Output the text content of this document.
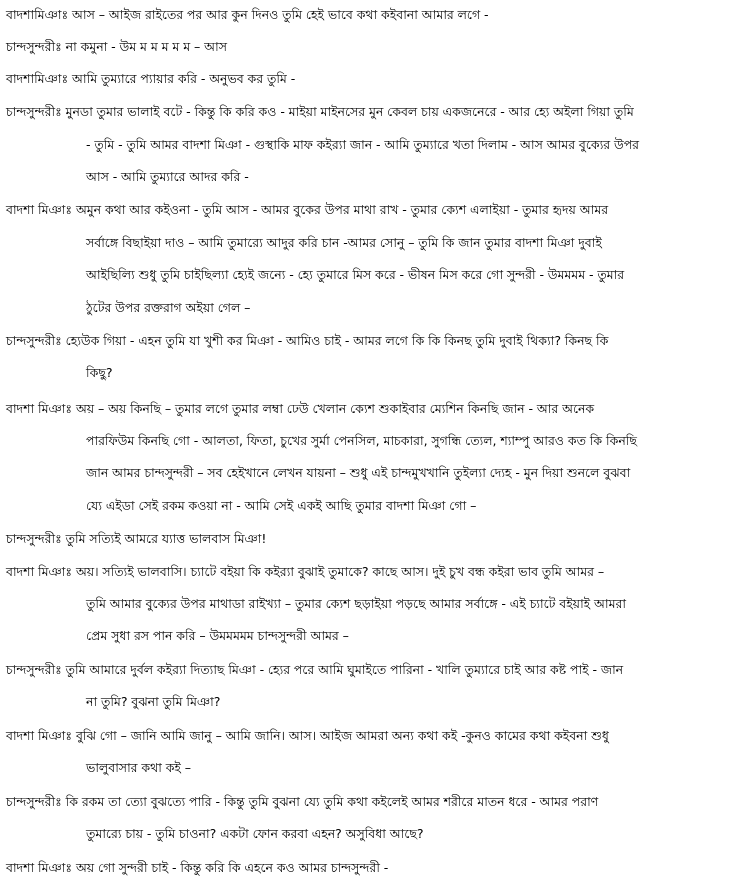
বাদশামিঞাঃ আস – আইজ রাইতের পর আর কুন দিনও তুমি হেই ভাবে কথা কইবানা আমার লগে -
চান্দসুন্দরীঃ না কমুনা - উম ম ম ম ম ম – আস
বাদশামিঞাঃ আমি তুম্যারে প্যায়ার করি - অনুভব কর তুমি -
চান্দসুন্দরীঃ মুনডা তুমার ভালাই বটে - কিন্তু কি করি কও - মাইয়া মাইনসের মুন কেবল চায় একজনেরে - আর হ্যে অইলা গিয়া তুমি
- তুমি - তুমি আমর বাদশা মিঞা - গুস্থাকি মাফ কইর‍্যা জান - আমি তুম্যারে খতা দিলাম - আস আমর বুক্যের উপর
আস - আমি তুম্যারে আদর করি -
বাদশা মিঞাঃ অমুন কথা আর কইওনা - তুমি আস - আমর বুকের উপর মাথা রাখ - তুমার ক্যেশ এলাইয়া - তুমার হৃদয় আমর
সর্বাঙ্গে বিছাইয়া দাও – আমি তুমার‍্যে আদুর করি চান -আমর সোনু – তুমি কি জান তুমার বাদশা মিঞা দুবাই
আইছিল্যি শুধু তুমি চাইছিল্যা হ্যেই জন্যে - হ্যে তুমারে মিস করে - ভীষন মিস করে গো সুন্দরী - উমমমম - তুমার
ঠুটের উপর রক্তরাগ অইয়া গেল –
চান্দসুন্দরীঃ হ্যেউক গিয়া - এহন তুমি যা খুশী কর মিঞা - আমিও চাই - আমর লগে কি কি কিনছ তুমি দুবাই থিক্যা? কিনছ কি
কিছু?
বাদশা মিঞাঃ অয় – অয় কিনছি – তুমার লগে তুমার লম্বা ঢেউ খেলান ক্যেশ শুকাইবার ম্যেশিন কিনছি জান - আর অনেক
পারফিউম কিনছি গো - আলতা, ফিতা, চুখের সুর্মা পেনসিল, মাচকারা, সুগন্ধি ত্যেল, শ্যাম্পু আরও কত কি কিনছি
জান আমর চান্দসুন্দরী – সব হেইখানে লেখন যায়না – শুধু এই চান্দমুখখানি তুইল্যা দ্যেহ - মুন দিয়া শুনলে বুঝবা
য্যে এইডা সেই রকম কওয়া না - আমি সেই একই আছি তুমার বাদশা মিঞা গো –
চান্দসুন্দরীঃ তুমি সত্যিই আমরে য্যাত্ত ভালবাস মিঞা!
বাদশা মিঞাঃ অয়। সত্যিই ভালবাসি। চ্যাটে বইয়া কি কইর‍্যা বুঝাই তুমাকে? কাছে আস। দুই চুখ বন্ধ কইরা ভাব তুমি আমর –
তুমি আমার বুক্যের উপর মাথাডা রাইখ্যা – তুমার ক্যেশ ছড়াইয়া পড়ছে আমার সর্বাঙ্গে - এই চ্যাটে বইয়াই আমরা
প্রেম সুধা রস পান করি – উমমমমম চান্দসুন্দরী আমর –
চান্দসুন্দরীঃ তুমি আমারে দুর্বল কইর‍্যা দিত্যাছ মিঞা - হ্যের পরে আমি ঘুমাইতে পারিনা - খালি তুম্যারে চাই আর কষ্ট পাই - জান
না তুমি? বুঝনা তুমি মিঞা?
বাদশা মিঞাঃ বুঝি গো – জানি আমি জানু – আমি জানি। আস। আইজ আমরা অন্য কথা কই -কুনও কামের কথা কইবনা শুধু
ভালুবাসার কথা কই –
চান্দসুন্দরীঃ কি রকম তা ত্যো বুঝত্যে পারি - কিন্তু তুমি বুঝনা য্যে তুমি কথা কইলেই আমর শরীরে মাতন ধরে - আমর পরাণ
তুমার‍্যে চায় - তুমি চাওনা? একটা ফোন করবা এহন? অসুবিধা আছে?
বাদশা মিঞাঃ অয় গো সুন্দরী চাই - কিন্তু করি কি এহনে কও আমর চান্দসুন্দরী -
